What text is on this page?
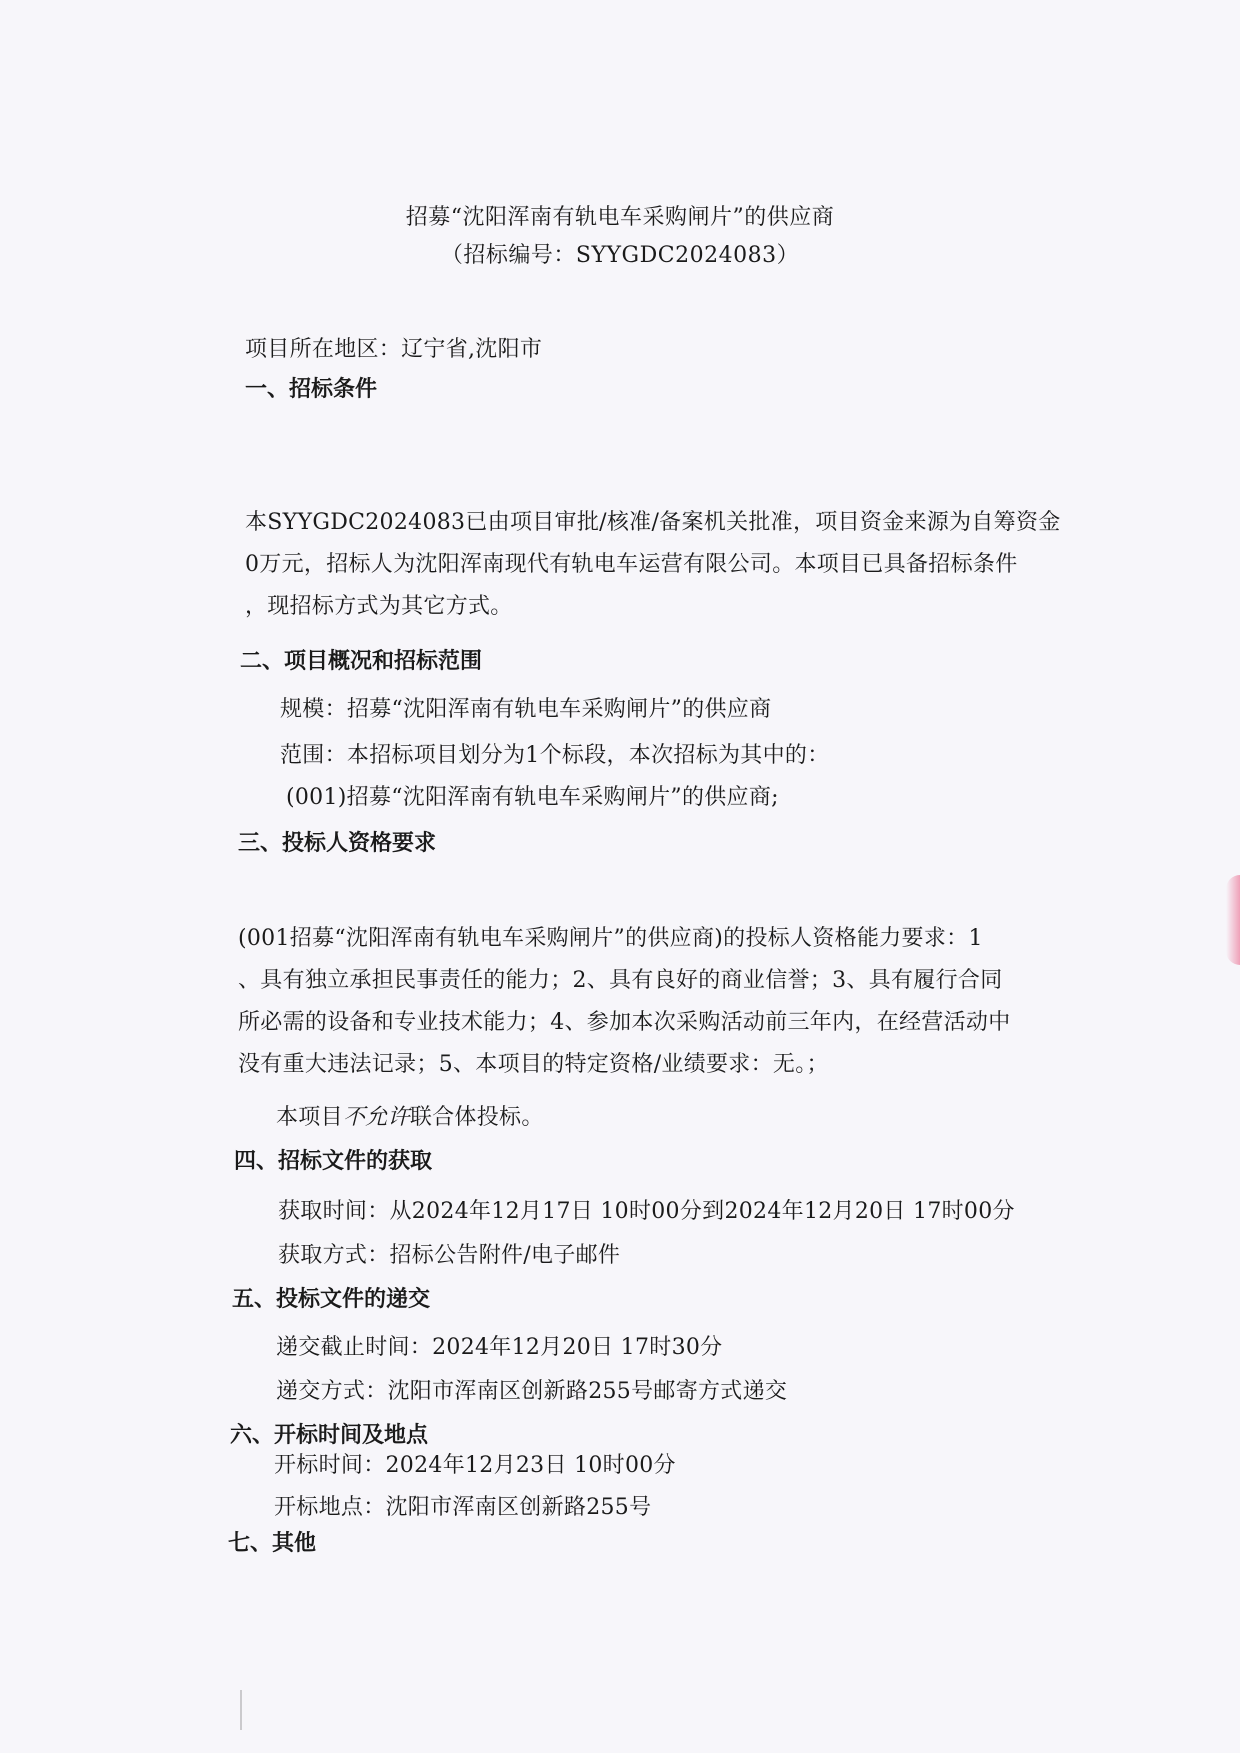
招募“沈阳浑南有轨电车采购闸片”的供应商
（招标编号：SYYGDC2024083）
项目所在地区：辽宁省,沈阳市
一、招标条件
本SYYGDC2024083已由项目审批/核准/备案机关批准，项目资金来源为自筹资金
0万元，招标人为沈阳浑南现代有轨电车运营有限公司。本项目已具备招标条件
，现招标方式为其它方式。
二、项目概况和招标范围
规模：招募“沈阳浑南有轨电车采购闸片”的供应商
范围：本招标项目划分为1个标段，本次招标为其中的：
(001)招募“沈阳浑南有轨电车采购闸片”的供应商;
三、投标人资格要求
(001招募“沈阳浑南有轨电车采购闸片”的供应商)的投标人资格能力要求：1
、具有独立承担民事责任的能力；2、具有良好的商业信誉；3、具有履行合同
所必需的设备和专业技术能力；4、参加本次采购活动前三年内，在经营活动中
没有重大违法记录；5、本项目的特定资格/业绩要求：无。；
本项目不允许联合体投标。
四、招标文件的获取
获取时间：从2024年12月17日 10时00分到2024年12月20日 17时00分
获取方式：招标公告附件/电子邮件
五、投标文件的递交
递交截止时间：2024年12月20日 17时30分
递交方式：沈阳市浑南区创新路255号邮寄方式递交
六、开标时间及地点
开标时间：2024年12月23日 10时00分
开标地点：沈阳市浑南区创新路255号
七、其他
